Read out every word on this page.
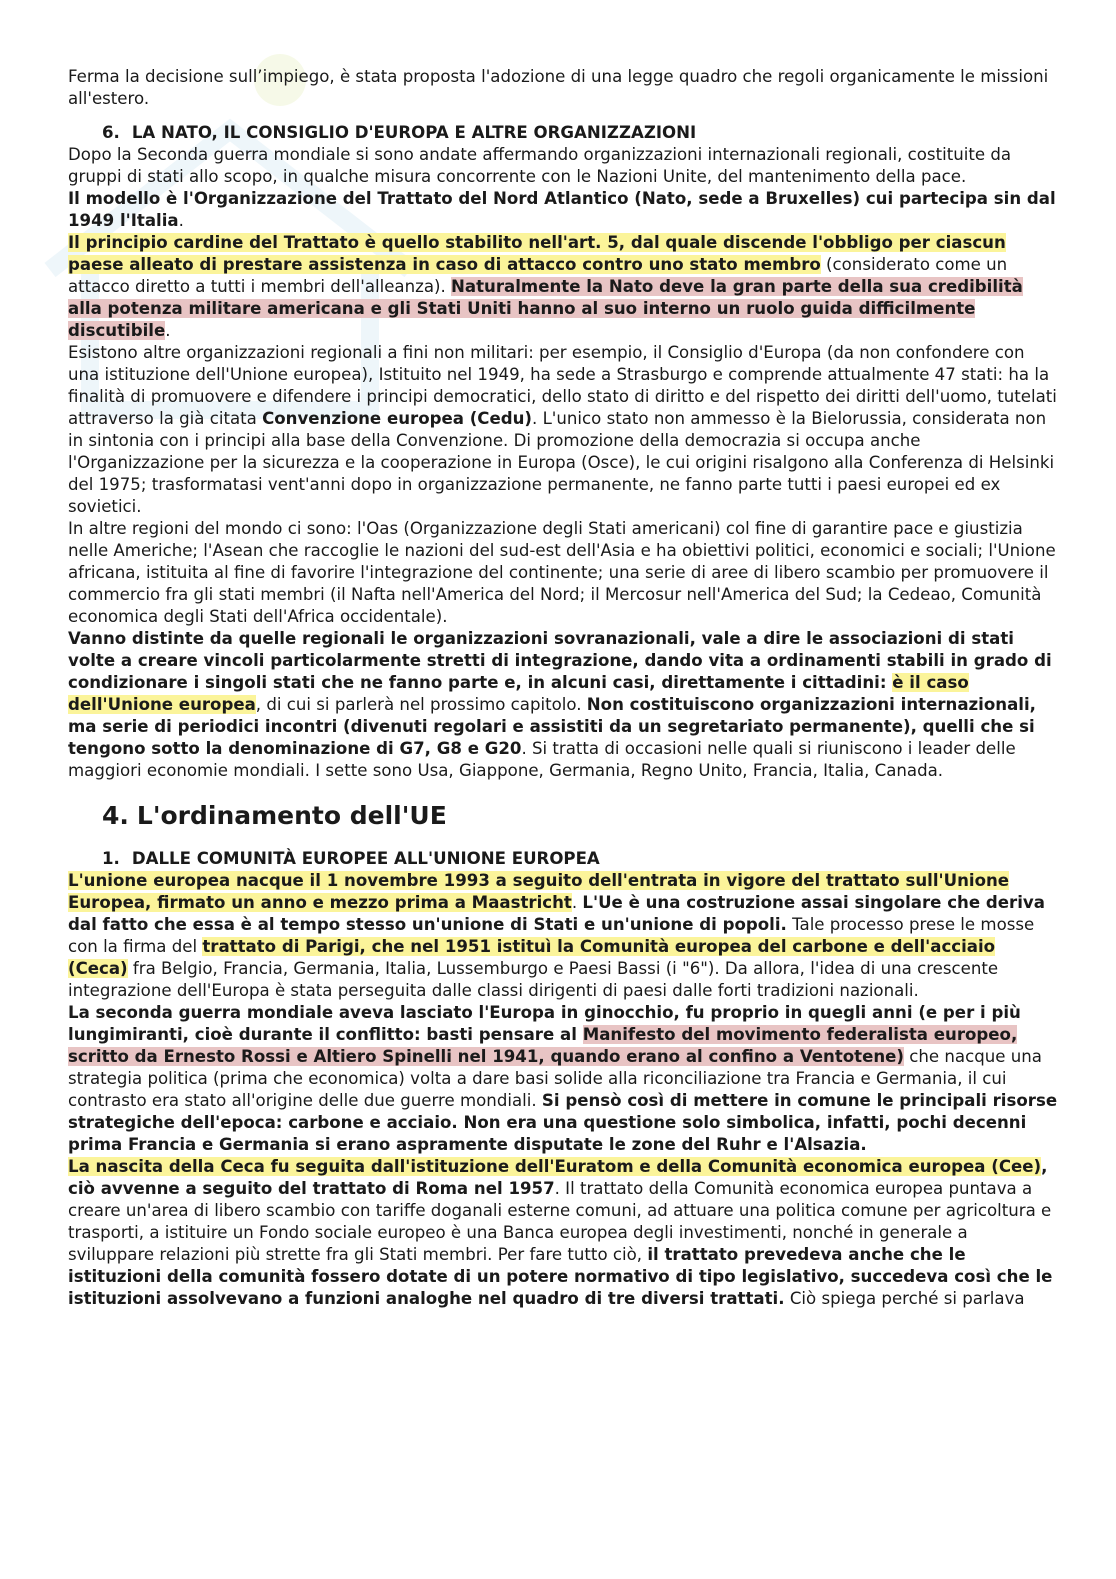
Ferma la decisione sull’impiego, è stata proposta l'adozione di una legge quadro che regoli organicamente le missioni all'estero.

6. LA NATO, IL CONSIGLIO D'EUROPA E ALTRE ORGANIZZAZIONI

Dopo la Seconda guerra mondiale si sono andate affermando organizzazioni internazionali regionali, costituite da gruppi di stati allo scopo, in qualche misura concorrente con le Nazioni Unite, del mantenimento della pace.

Il modello è l'Organizzazione del Trattato del Nord Atlantico (Nato, sede a Bruxelles) cui partecipa sin dal 1949 l'Italia.

Il principio cardine del Trattato è quello stabilito nell'art. 5, dal quale discende l'obbligo per ciascun paese alleato di prestare assistenza in caso di attacco contro uno stato membro (considerato come un attacco diretto a tutti i membri dell'alleanza). Naturalmente la Nato deve la gran parte della sua credibilità alla potenza militare americana e gli Stati Uniti hanno al suo interno un ruolo guida difficilmente discutibile.

Esistono altre organizzazioni regionali a fini non militari: per esempio, il Consiglio d'Europa (da non confondere con una istituzione dell'Unione europea), Istituito nel 1949, ha sede a Strasburgo e comprende attualmente 47 stati: ha la finalità di promuovere e difendere i principi democratici, dello stato di diritto e del rispetto dei diritti dell'uomo, tutelati attraverso la già citata Convenzione europea (Cedu). L'unico stato non ammesso è la Bielorussia, considerata non in sintonia con i principi alla base della Convenzione. Di promozione della democrazia si occupa anche l'Organizzazione per la sicurezza e la cooperazione in Europa (Osce), le cui origini risalgono alla Conferenza di Helsinki del 1975; trasformatasi vent'anni dopo in organizzazione permanente, ne fanno parte tutti i paesi europei ed ex sovietici.

In altre regioni del mondo ci sono: l'Oas (Organizzazione degli Stati americani) col fine di garantire pace e giustizia nelle Americhe; l'Asean che raccoglie le nazioni del sud-est dell'Asia e ha obiettivi politici, economici e sociali; l'Unione africana, istituita al fine di favorire l'integrazione del continente; una serie di aree di libero scambio per promuovere il commercio fra gli stati membri (il Nafta nell'America del Nord; il Mercosur nell'America del Sud; la Cedeao, Comunità economica degli Stati dell'Africa occidentale).

Vanno distinte da quelle regionali le organizzazioni sovranazionali, vale a dire le associazioni di stati volte a creare vincoli particolarmente stretti di integrazione, dando vita a ordinamenti stabili in grado di condizionare i singoli stati che ne fanno parte e, in alcuni casi, direttamente i cittadini: è il caso dell'Unione europea, di cui si parlerà nel prossimo capitolo. Non costituiscono organizzazioni internazionali, ma serie di periodici incontri (divenuti regolari e assistiti da un segretariato permanente), quelli che si tengono sotto la denominazione di G7, G8 e G20. Si tratta di occasioni nelle quali si riuniscono i leader delle maggiori economie mondiali. I sette sono Usa, Giappone, Germania, Regno Unito, Francia, Italia, Canada.

4. L'ordinamento dell'UE
1. DALLE COMUNITÀ EUROPEE ALL'UNIONE EUROPEA

L'unione europea nacque il 1 novembre 1993 a seguito dell'entrata in vigore del trattato sull'Unione Europea, firmato un anno e mezzo prima a Maastricht. L'Ue è una costruzione assai singolare che deriva dal fatto che essa è al tempo stesso un'unione di Stati e un'unione di popoli. Tale processo prese le mosse con la firma del trattato di Parigi, che nel 1951 istituì la Comunità europea del carbone e dell'acciaio (Ceca) fra Belgio, Francia, Germania, Italia, Lussemburgo e Paesi Bassi (i "6"). Da allora, l'idea di una crescente integrazione dell'Europa è stata perseguita dalle classi dirigenti di paesi dalle forti tradizioni nazionali.

La seconda guerra mondiale aveva lasciato l'Europa in ginocchio, fu proprio in quegli anni (e per i più lungimiranti, cioè durante il conflitto: basti pensare al Manifesto del movimento federalista europeo, scritto da Ernesto Rossi e Altiero Spinelli nel 1941, quando erano al confino a Ventotene) che nacque una strategia politica (prima che economica) volta a dare basi solide alla riconciliazione tra Francia e Germania, il cui contrasto era stato all'origine delle due guerre mondiali. Si pensò così di mettere in comune le principali risorse strategiche dell'epoca: carbone e acciaio. Non era una questione solo simbolica, infatti, pochi decenni prima Francia e Germania si erano aspramente disputate le zone del Ruhr e l'Alsazia.

La nascita della Ceca fu seguita dall'istituzione dell'Euratom e della Comunità economica europea (Cee), ciò avvenne a seguito del trattato di Roma nel 1957. Il trattato della Comunità economica europea puntava a creare un'area di libero scambio con tariffe doganali esterne comuni, ad attuare una politica comune per agricoltura e trasporti, a istituire un Fondo sociale europeo è una Banca europea degli investimenti, nonché in generale a sviluppare relazioni più strette fra gli Stati membri. Per fare tutto ciò, il trattato prevedeva anche che le istituzioni della comunità fossero dotate di un potere normativo di tipo legislativo, succedeva così che le istituzioni assolvevano a funzioni analoghe nel quadro di tre diversi trattati. Ciò spiega perché si parlava
